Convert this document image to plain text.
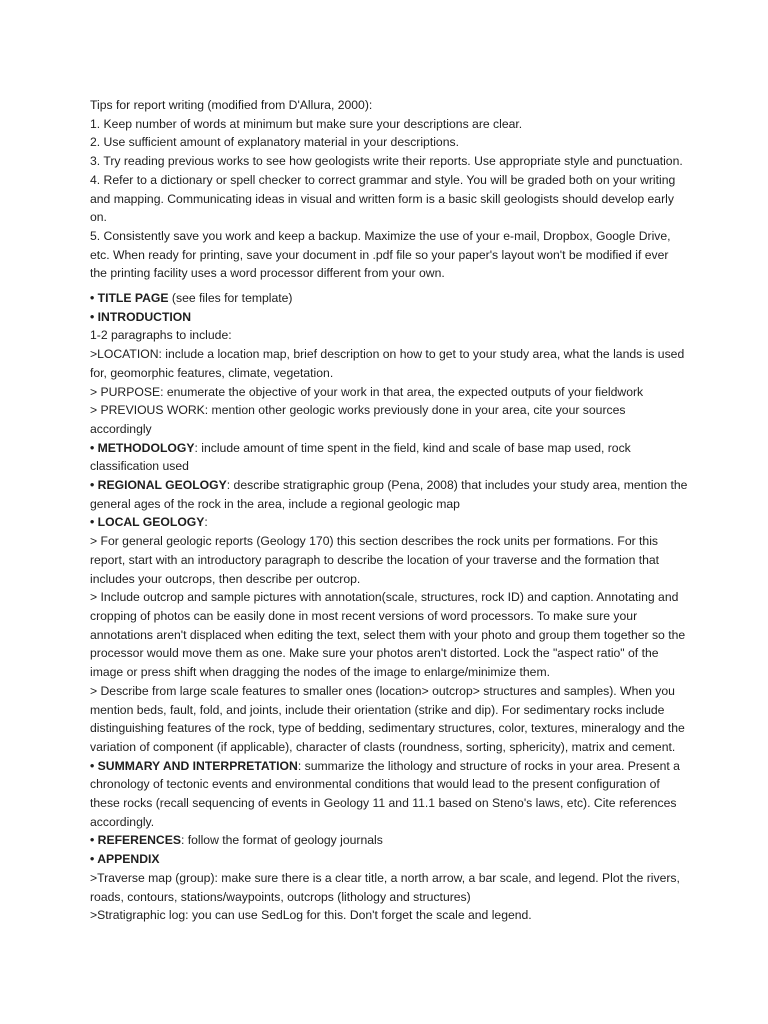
Tips for report writing (modified from D'Allura, 2000):

1. Keep number of words at minimum but make sure your descriptions are clear.

2. Use sufficient amount of explanatory material in your descriptions.

3. Try reading previous works to see how geologists write their reports. Use appropriate style and punctuation.

4. Refer to a dictionary or spell checker to correct grammar and style. You will be graded both on your writing and mapping. Communicating ideas in visual and written form is a basic skill geologists should develop early on.

5. Consistently save you work and keep a backup. Maximize the use of your e-mail, Dropbox, Google Drive, etc. When ready for printing, save your document in .pdf file so your paper's layout won't be modified if ever the printing facility uses a word processor different from your own.

• TITLE PAGE (see files for template)

• INTRODUCTION

1-2 paragraphs to include:

>LOCATION: include a location map, brief description on how to get to your study area, what the lands is used for, geomorphic features, climate, vegetation.

> PURPOSE: enumerate the objective of your work in that area, the expected outputs of your fieldwork

> PREVIOUS WORK: mention other geologic works previously done in your area, cite your sources accordingly

• METHODOLOGY: include amount of time spent in the field, kind and scale of base map used, rock classification used

• REGIONAL GEOLOGY: describe stratigraphic group (Pena, 2008) that includes your study area, mention the general ages of the rock in the area, include a regional geologic map

• LOCAL GEOLOGY:

> For general geologic reports (Geology 170) this section describes the rock units per formations. For this report, start with an introductory paragraph to describe the location of your traverse and the formation that includes your outcrops, then describe per outcrop.

> Include outcrop and sample pictures with annotation(scale, structures, rock ID) and caption. Annotating and cropping of photos can be easily done in most recent versions of word processors. To make sure your annotations aren't displaced when editing the text, select them with your photo and group them together so the processor would move them as one. Make sure your photos aren't distorted. Lock the "aspect ratio" of the image or press shift when dragging the nodes of the image to enlarge/minimize them.

> Describe from large scale features to smaller ones (location> outcrop> structures and samples). When you mention beds, fault, fold, and joints, include their orientation (strike and dip). For sedimentary rocks include distinguishing features of the rock, type of bedding, sedimentary structures, color, textures, mineralogy and the variation of component (if applicable), character of clasts (roundness, sorting, sphericity), matrix and cement.

• SUMMARY AND INTERPRETATION: summarize the lithology and structure of rocks in your area. Present a chronology of tectonic events and environmental conditions that would lead to the present configuration of these rocks (recall sequencing of events in Geology 11 and 11.1 based on Steno's laws, etc). Cite references accordingly.

• REFERENCES: follow the format of geology journals

• APPENDIX

>Traverse map (group): make sure there is a clear title, a north arrow, a bar scale, and legend. Plot the rivers, roads, contours, stations/waypoints, outcrops (lithology and structures)

>Stratigraphic log: you can use SedLog for this. Don't forget the scale and legend.
